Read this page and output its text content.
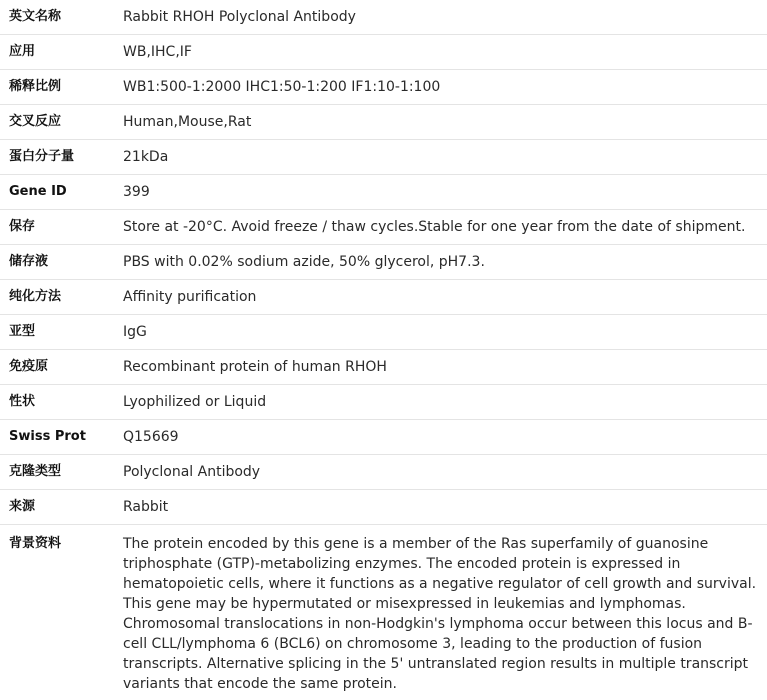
英文名称	Rabbit RHOH Polyclonal Antibody
应用	WB,IHC,IF
稀释比例	WB1:500-1:2000 IHC1:50-1:200 IF1:10-1:100
交叉反应	Human,Mouse,Rat
蛋白分子量	21kDa
Gene ID	399
保存	Store at -20°C. Avoid freeze / thaw cycles.Stable for one year from the date of shipment.
储存液	PBS with 0.02% sodium azide, 50% glycerol, pH7.3.
纯化方法	Affinity purification
亚型	IgG
免疫原	Recombinant protein of human RHOH
性状	Lyophilized or Liquid
Swiss Prot	Q15669
克隆类型	Polyclonal Antibody
来源	Rabbit
背景资料	The protein encoded by this gene is a member of the Ras superfamily of guanosine triphosphate (GTP)-metabolizing enzymes. The encoded protein is expressed in hematopoietic cells, where it functions as a negative regulator of cell growth and survival. This gene may be hypermutated or misexpressed in leukemias and lymphomas. Chromosomal translocations in non-Hodgkin's lymphoma occur between this locus and B-cell CLL/lymphoma 6 (BCL6) on chromosome 3, leading to the production of fusion transcripts. Alternative splicing in the 5' untranslated region results in multiple transcript variants that encode the same protein.
